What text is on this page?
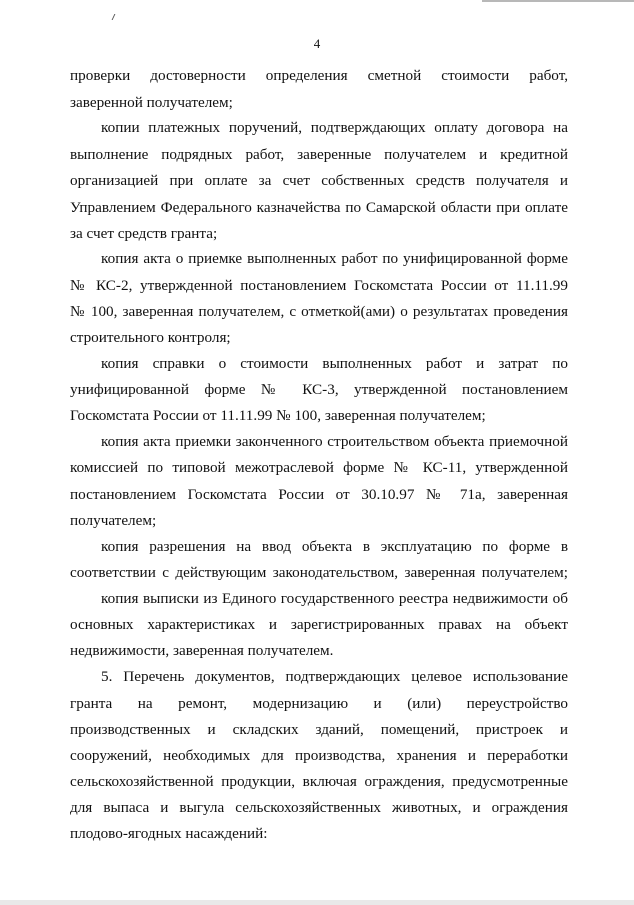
4
проверки достоверности определения сметной стоимости работ,
заверенной получателем;
копии платежных поручений, подтверждающих оплату договора на
выполнение подрядных работ, заверенные получателем и кредитной
организацией при оплате за счет собственных средств получателя и
Управлением Федерального казначейства по Самарской области при оплате
за счет средств гранта;
копия акта о приемке выполненных работ по унифицированной форме
№ КС-2, утвержденной постановлением Госкомстата России от 11.11.99
№ 100, заверенная получателем, с отметкой(ами) о результатах проведения
строительного контроля;
копия справки о стоимости выполненных работ и затрат по
унифицированной форме № КС-3, утвержденной постановлением
Госкомстата России от 11.11.99 № 100, заверенная получателем;
копия акта приемки законченного строительством объекта приемочной
комиссией по типовой межотраслевой форме № КС-11, утвержденной
постановлением Госкомстата России от 30.10.97 № 71а, заверенная
получателем;
копия разрешения на ввод объекта в эксплуатацию по форме в
соответствии с действующим законодательством, заверенная получателем;
копия выписки из Единого государственного реестра недвижимости об
основных характеристиках и зарегистрированных правах на объект
недвижимости, заверенная получателем.
5. Перечень документов, подтверждающих целевое использование
гранта на ремонт, модернизацию и (или) переустройство
производственных и складских зданий, помещений, пристроек и
сооружений, необходимых для производства, хранения и переработки
сельскохозяйственной продукции, включая ограждения, предусмотренные
для выпаса и выгула сельскохозяйственных животных, и ограждения
плодово-ягодных насаждений:
